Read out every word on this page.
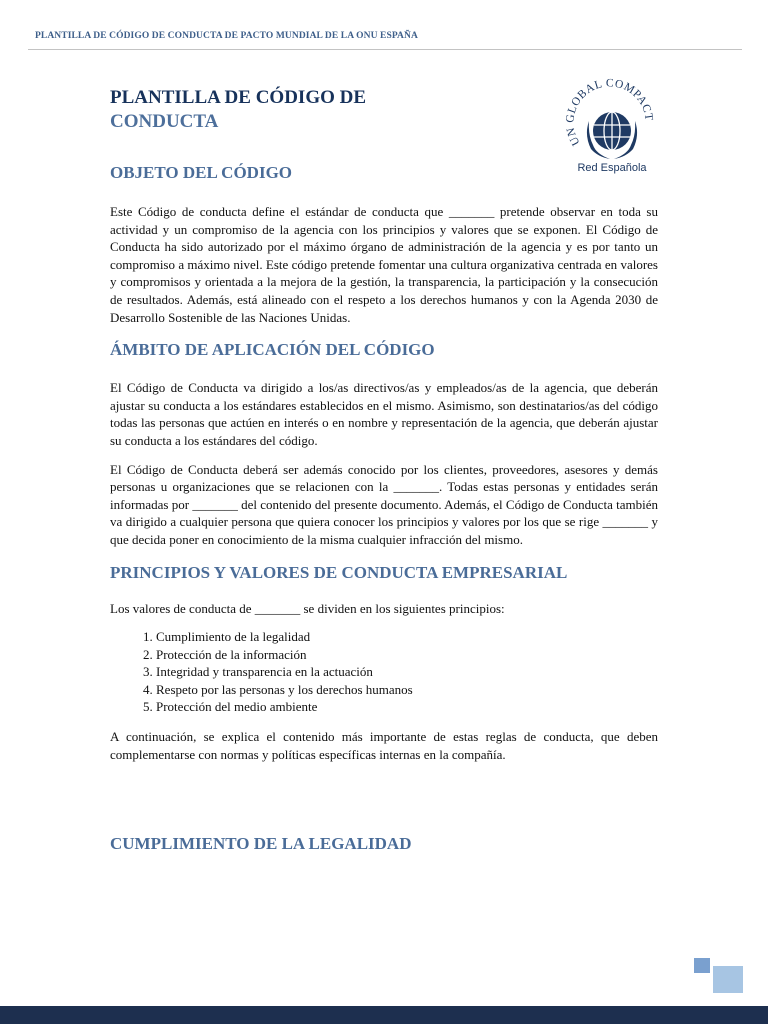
PLANTILLA DE CÓDIGO DE CONDUCTA DE PACTO MUNDIAL DE LA ONU ESPAÑA
PLANTILLA DE CÓDIGO DE
CONDUCTA
UN GLOBAL COMPACT
Red Española
OBJETO DEL CÓDIGO

Este Código de conducta define el estándar de conducta que _______ pretende observar en toda su actividad y un compromiso de la agencia con los principios y valores que se exponen. El Código de Conducta ha sido autorizado por el máximo órgano de administración de la agencia y es por tanto un compromiso a máximo nivel. Este código pretende fomentar una cultura organizativa centrada en valores y compromisos y orientada a la mejora de la gestión, la transparencia, la participación y la consecución de resultados. Además, está alineado con el respeto a los derechos humanos y con la Agenda 2030 de Desarrollo Sostenible de las Naciones Unidas.

ÁMBITO DE APLICACIÓN DEL CÓDIGO

El Código de Conducta va dirigido a los/as directivos/as y empleados/as de la agencia, que deberán ajustar su conducta a los estándares establecidos en el mismo. Asimismo, son destinatarios/as del código todas las personas que actúen en interés o en nombre y representación de la agencia, que deberán ajustar su conducta a los estándares del código.

El Código de Conducta deberá ser además conocido por los clientes, proveedores, asesores y demás personas u organizaciones que se relacionen con la _______. Todas estas personas y entidades serán informadas por _______ del contenido del presente documento. Además, el Código de Conducta también va dirigido a cualquier persona que quiera conocer los principios y valores por los que se rige _______ y que decida poner en conocimiento de la misma cualquier infracción del mismo.

PRINCIPIOS Y VALORES DE CONDUCTA EMPRESARIAL

Los valores de conducta de _______ se dividen en los siguientes principios:

1. Cumplimiento de la legalidad
2. Protección de la información
3. Integridad y transparencia en la actuación
4. Respeto por las personas y los derechos humanos
5. Protección del medio ambiente

A continuación, se explica el contenido más importante de estas reglas de conducta, que deben complementarse con normas y políticas específicas internas en la compañía.

CUMPLIMIENTO DE LA LEGALIDAD
